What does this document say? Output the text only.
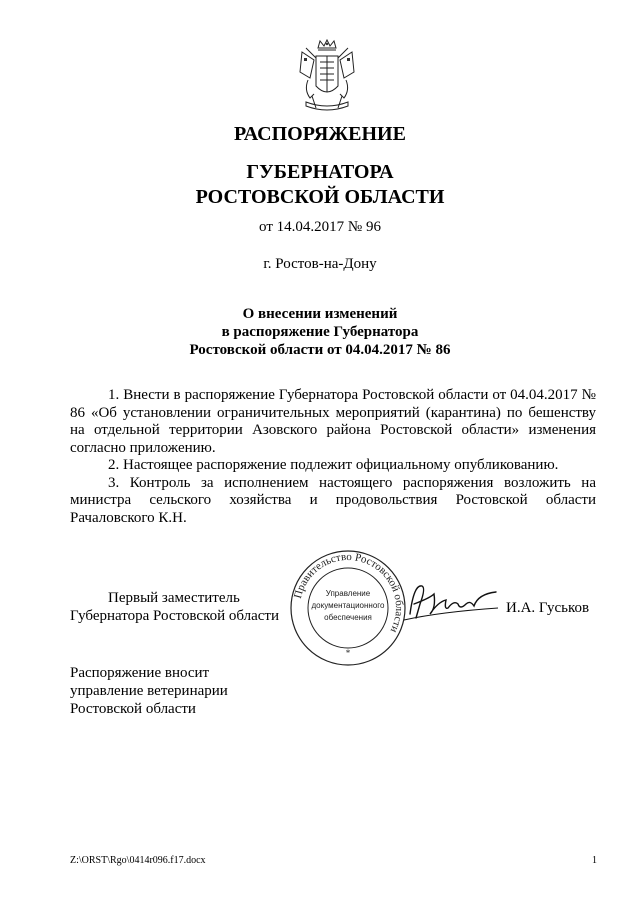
РАСПОРЯЖЕНИЕ
ГУБЕРНАТОРА
РОСТОВСКОЙ ОБЛАСТИ
от 14.04.2017 № 96
г. Ростов-на-Дону
О внесении изменений
в распоряжение Губернатора
Ростовской области от 04.04.2017 № 86

1. Внести в распоряжение Губернатора Ростовской области от 04.04.2017 № 86 «Об установлении ограничительных мероприятий (карантина) по бешенству на отдельной территории Азовского района Ростовской области» изменения согласно приложению.

2. Настоящее распоряжение подлежит официальному опубликованию.

3. Контроль за исполнением настоящего распоряжения возложить на министра сельского хозяйства и продовольствия Ростовской области Рачаловского К.Н.

Первый заместитель
Губернатора Ростовской области
Правительство Ростовской области
Управление
документационного
обеспечения
*
И.А. Гуськов
Распоряжение вносит
управление ветеринарии
Ростовской области
Z:\ORST\Rgo\0414r096.f17.docx	1
